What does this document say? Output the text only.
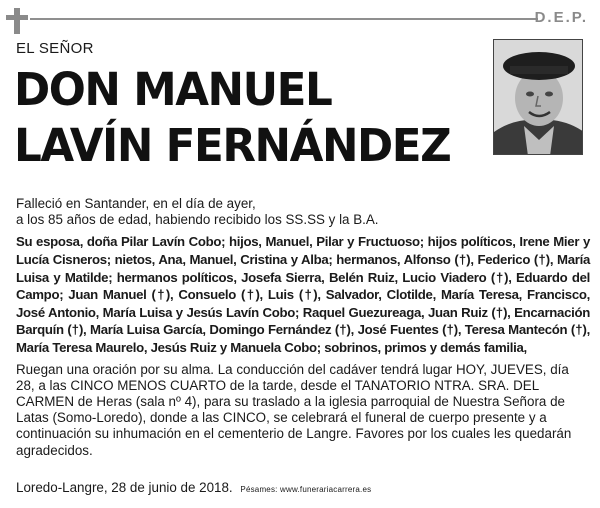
D.E.P.
EL SEÑOR
DON MANUEL
LAVÍN FERNÁNDEZ

Falleció en Santander, en el día de ayer,
a los 85 años de edad, habiendo recibido los SS.SS y la B.A.

Su esposa, doña Pilar Lavín Cobo; hijos, Manuel, Pilar y Fructuoso; hijos políticos, Irene Mier y Lucía Cisneros; nietos, Ana, Manuel, Cristina y Alba; hermanos, Alfonso (†), Federico (†), María Luisa y Matilde; hermanos políticos, Josefa Sierra, Belén Ruiz, Lucio Viadero (†), Eduardo del Campo; Juan Manuel (†), Consuelo (†), Luis (†), Salvador, Clotilde, María Teresa, Francisco, José Antonio, María Luisa y Jesús Lavín Cobo; Raquel Guezureaga, Juan Ruiz (†), Encarnación Barquín (†), María Luisa García, Domingo Fernández (†), José Fuentes (†), Teresa Mantecón (†), María Teresa Maurelo, Jesús Ruiz y Manuela Cobo; sobrinos, primos y demás familia,

Ruegan una oración por su alma. La conducción del cadáver tendrá lugar HOY, JUEVES, día 28, a las CINCO MENOS CUARTO de la tarde, desde el TANATORIO NTRA. SRA. DEL CARMEN de Heras (sala nº 4), para su traslado a la iglesia parroquial de Nuestra Señora de Latas (Somo-Loredo), donde a las CINCO, se celebrará el funeral de cuerpo presente y a continuación su inhumación en el cementerio de Langre. Favores por los cuales les quedarán agradecidos.

Loredo-Langre, 28 de junio de 2018. Pésames: www.funerariacarrera.es
